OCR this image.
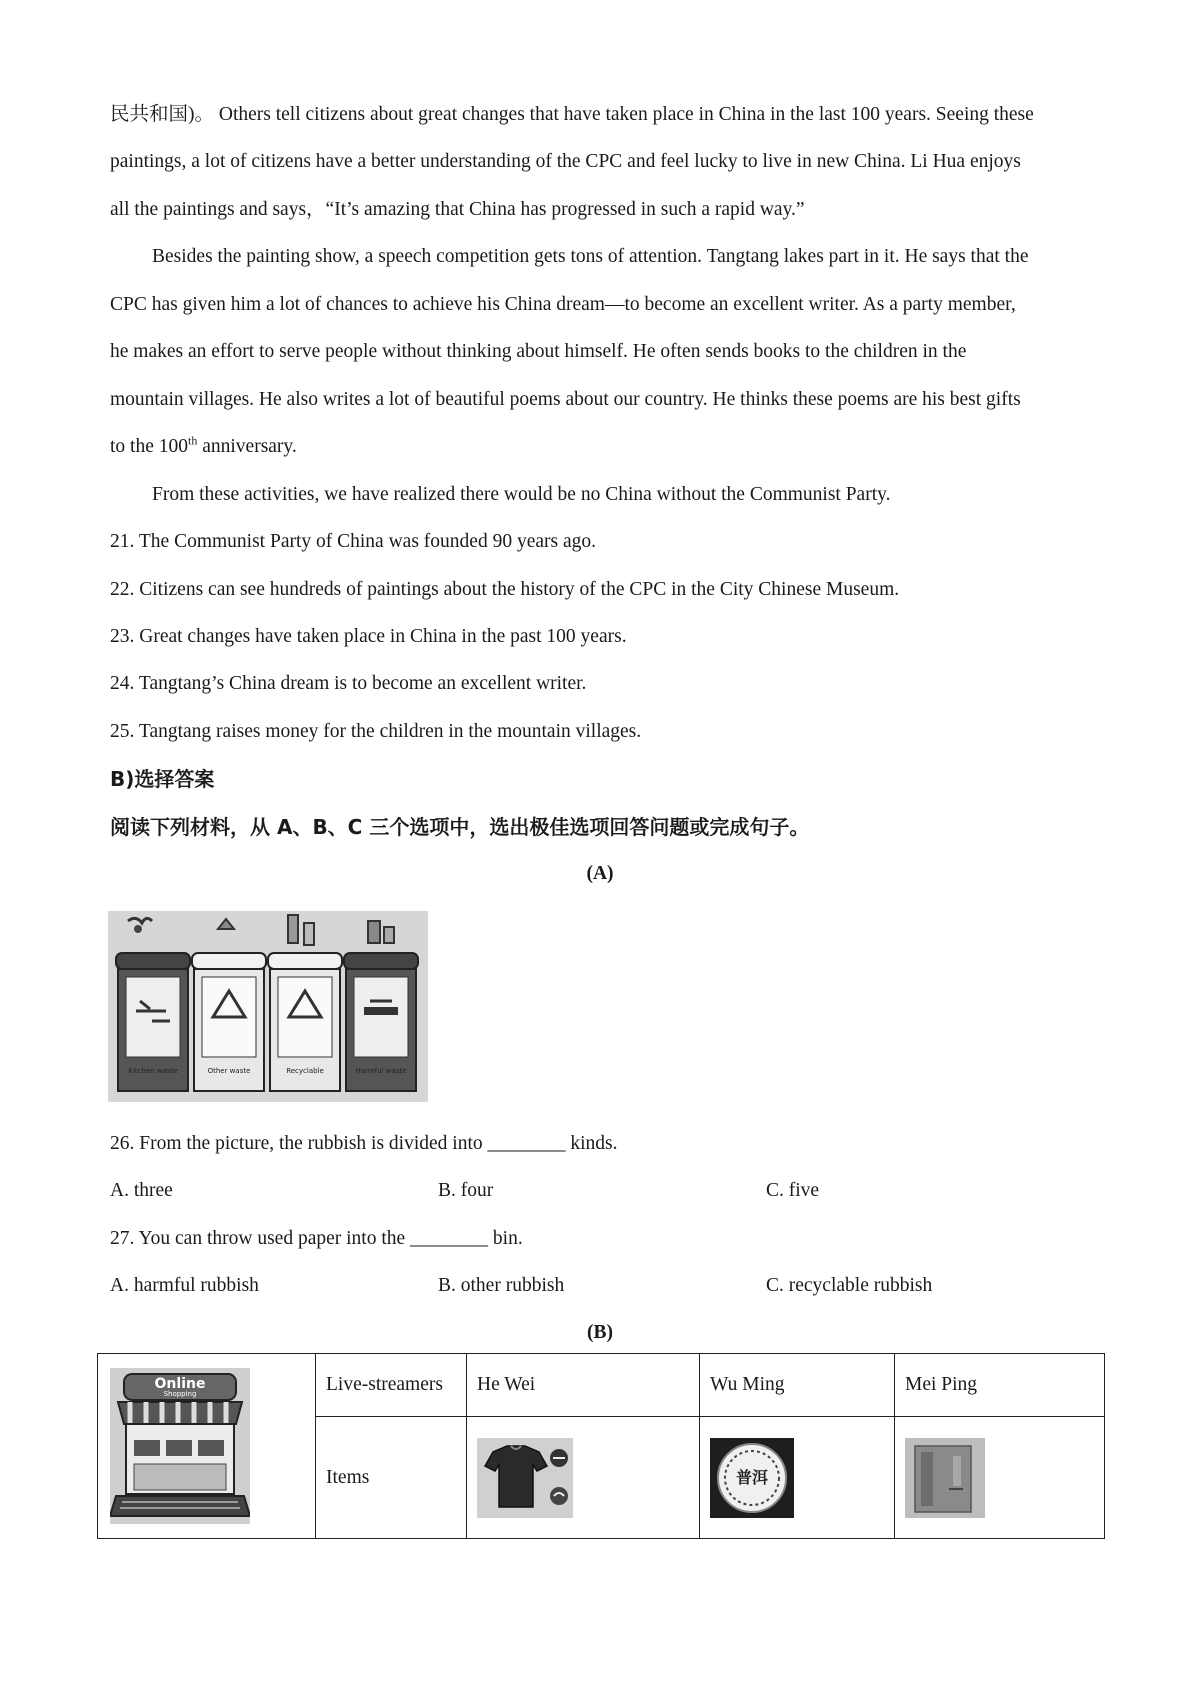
民共和国)。 Others tell citizens about great changes that have taken place in China in the last 100 years. Seeing these
paintings, a lot of citizens have a better understanding of the CPC and feel lucky to live in new China. Li Hua enjoys
all the paintings and says，“It’s amazing that China has progressed in such a rapid way.”
Besides the painting show, a speech competition gets tons of attention. Tangtang lakes part in it. He says that the
CPC has given him a lot of chances to achieve his China dream—to become an excellent writer. As a party member,
he makes an effort to serve people without thinking about himself. He often sends books to the children in the
mountain villages. He also writes a lot of beautiful poems about our country. He thinks these poems are his best gifts
to the 100th anniversary.
From these activities, we have realized there would be no China without the Communist Party.
21. The Communist Party of China was founded 90 years ago.
22. Citizens can see hundreds of paintings about the history of the CPC in the City Chinese Museum.
23. Great changes have taken place in China in the past 100 years.
24. Tangtang’s China dream is to become an excellent writer.
25. Tangtang raises money for the children in the mountain villages.
B)选择答案
阅读下列材料，从 A、B、C 三个选项中，选出极佳选项回答问题或完成句子。
(A)
Kitchen waste	Other waste	Recyclable	Harmful waste
26. From the picture, the rubbish is divided into ________ kinds.
A. three	B. four	C. five
27. You can throw used paper into the ________ bin.
A. harmful rubbish	B. other rubbish	C. recyclable rubbish
(B)
Online
Shopping	Live-streamers	He Wei	Wu Ming	Mei Ping
	Items		普洱
